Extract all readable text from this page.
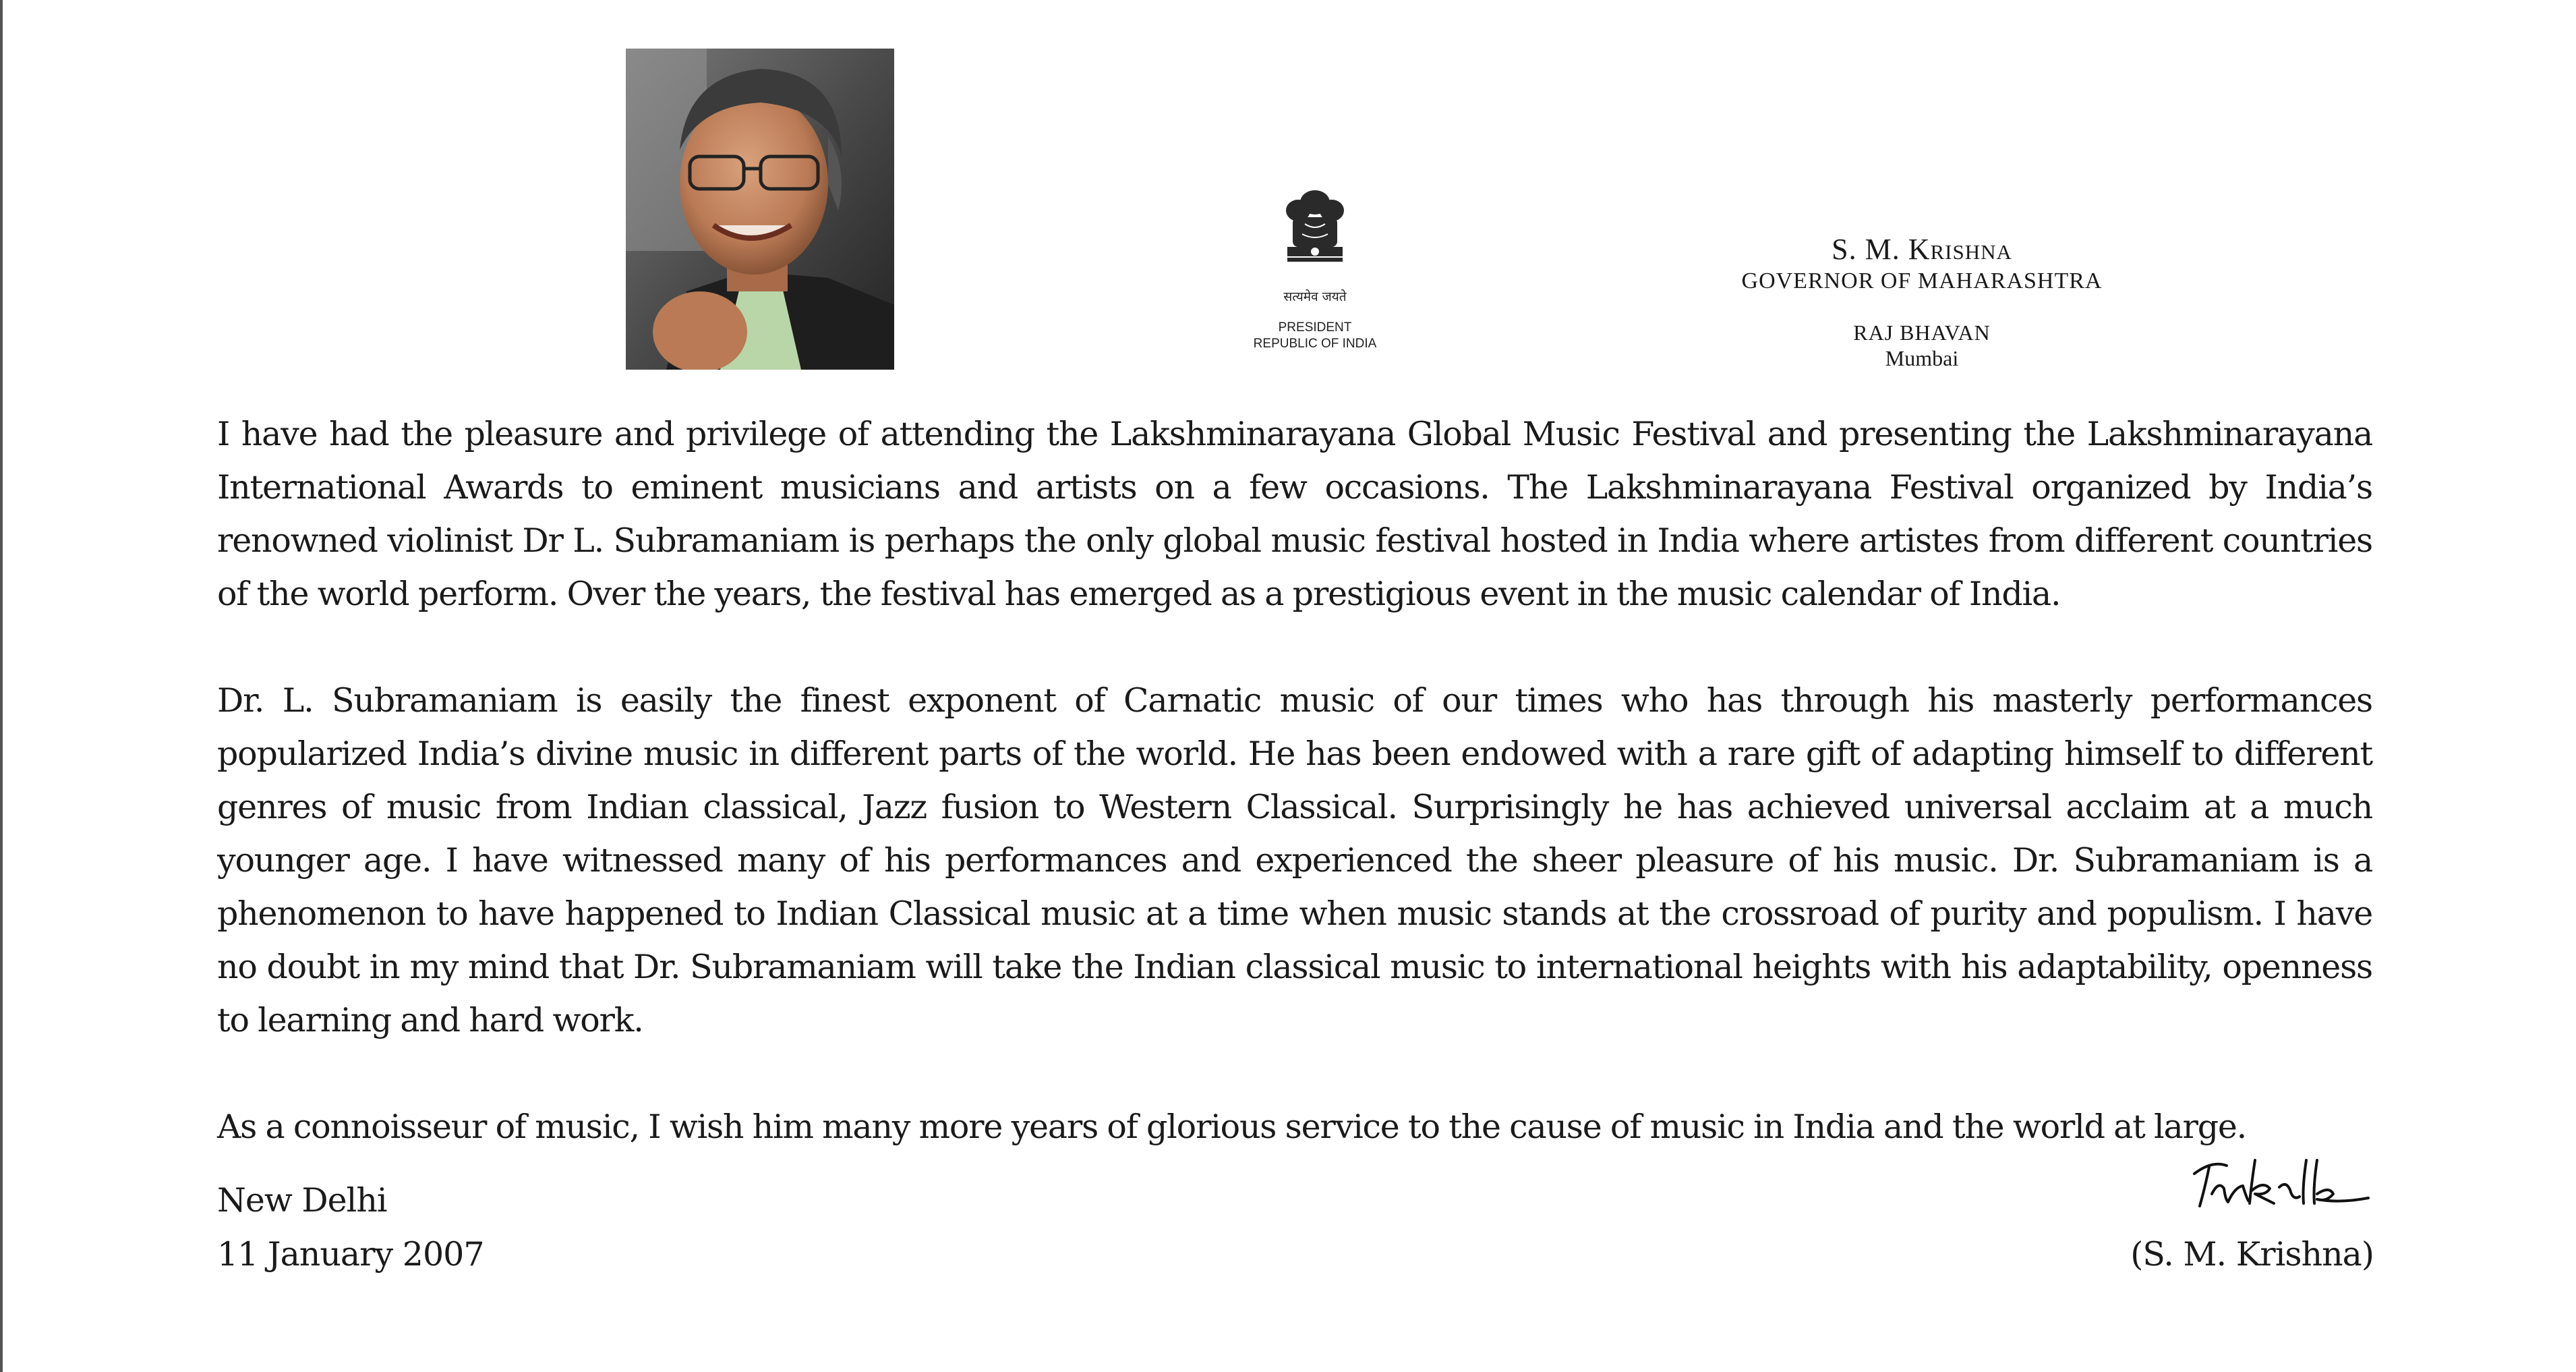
सत्यमेव जयते
PRESIDENT
REPUBLIC OF INDIA
S. M. Krishna
GOVERNOR OF MAHARASHTRA
RAJ BHAVAN
Mumbai

I have had the pleasure and privilege of attending the Lakshminarayana Global Music Festival and presenting the Lakshminarayana International Awards to eminent musicians and artists on a few occasions. The Lakshminarayana Festival organized by India’s renowned violinist Dr L. Subramaniam is perhaps the only global music festival hosted in India where artistes from different countries of the world perform. Over the years, the festival has emerged as a prestigious event in the music calendar of India.

Dr. L. Subramaniam is easily the finest exponent of Carnatic music of our times who has through his masterly performances popularized India’s divine music in different parts of the world. He has been endowed with a rare gift of adapting himself to different genres of music from Indian classical, Jazz fusion to Western Classical. Surprisingly he has achieved universal acclaim at a much younger age. I have witnessed many of his performances and experienced the sheer pleasure of his music. Dr. Subramaniam is a phenomenon to have happened to Indian Classical music at a time when music stands at the crossroad of purity and populism. I have no doubt in my mind that Dr. Subramaniam will take the Indian classical music to international heights with his adaptability, openness to learning and hard work.

As a connoisseur of music, I wish him many more years of glorious service to the cause of music in India and the world at large.

New Delhi
11 January 2007	(S. M. Krishna)
